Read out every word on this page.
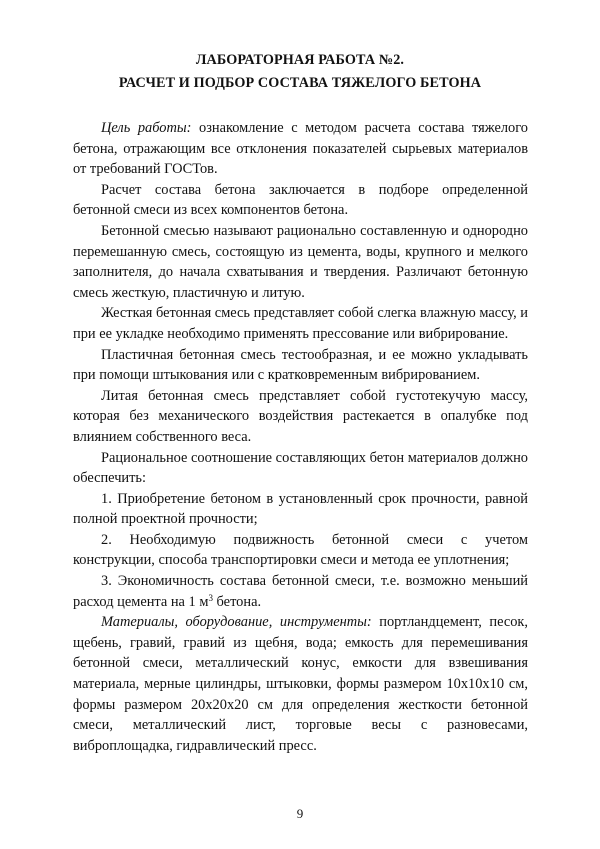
ЛАБОРАТОРНАЯ РАБОТА №2.
РАСЧЕТ И ПОДБОР СОСТАВА ТЯЖЕЛОГО БЕТОНА

Цель работы: ознакомление с методом расчета состава тяжелого бетона, отражающим все отклонения показателей сырьевых материалов от требований ГОСТов.

Расчет состава бетона заключается в подборе определенной бетонной смеси из всех компонентов бетона.

Бетонной смесью называют рационально составленную и однородно перемешанную смесь, состоящую из цемента, воды, крупного и мелкого заполнителя, до начала схватывания и твердения. Различают бетонную смесь жесткую, пластичную и литую.

Жесткая бетонная смесь представляет собой слегка влажную массу, и при ее укладке необходимо применять прессование или вибрирование.

Пластичная бетонная смесь тестообразная, и ее можно укладывать при помощи штыкования или с кратковременным вибрированием.

Литая бетонная смесь представляет собой густотекучую массу, которая без механического воздействия растекается в опалубке под влиянием собственного веса.

Рациональное соотношение составляющих бетон материалов должно обеспечить:

1. Приобретение бетоном в установленный срок прочности, равной полной проектной прочности;

2. Необходимую подвижность бетонной смеси с учетом конструкции, способа транспортировки смеси и метода ее уплотнения;

3. Экономичность состава бетонной смеси, т.е. возможно меньший расход цемента на 1 $м^3$ бетона.

Материалы, оборудование, инструменты: портландцемент, песок, щебень, гравий, гравий из щебня, вода; емкость для перемешивания бетонной смеси, металлический конус, емкости для взвешивания материала, мерные цилиндры, штыковки, формы размером 10х10х10 см, формы размером 20х20х20 см для определения жесткости бетонной смеси, металлический лист, торговые весы с разновесами, виброплощадка, гидравлический пресс.

9
